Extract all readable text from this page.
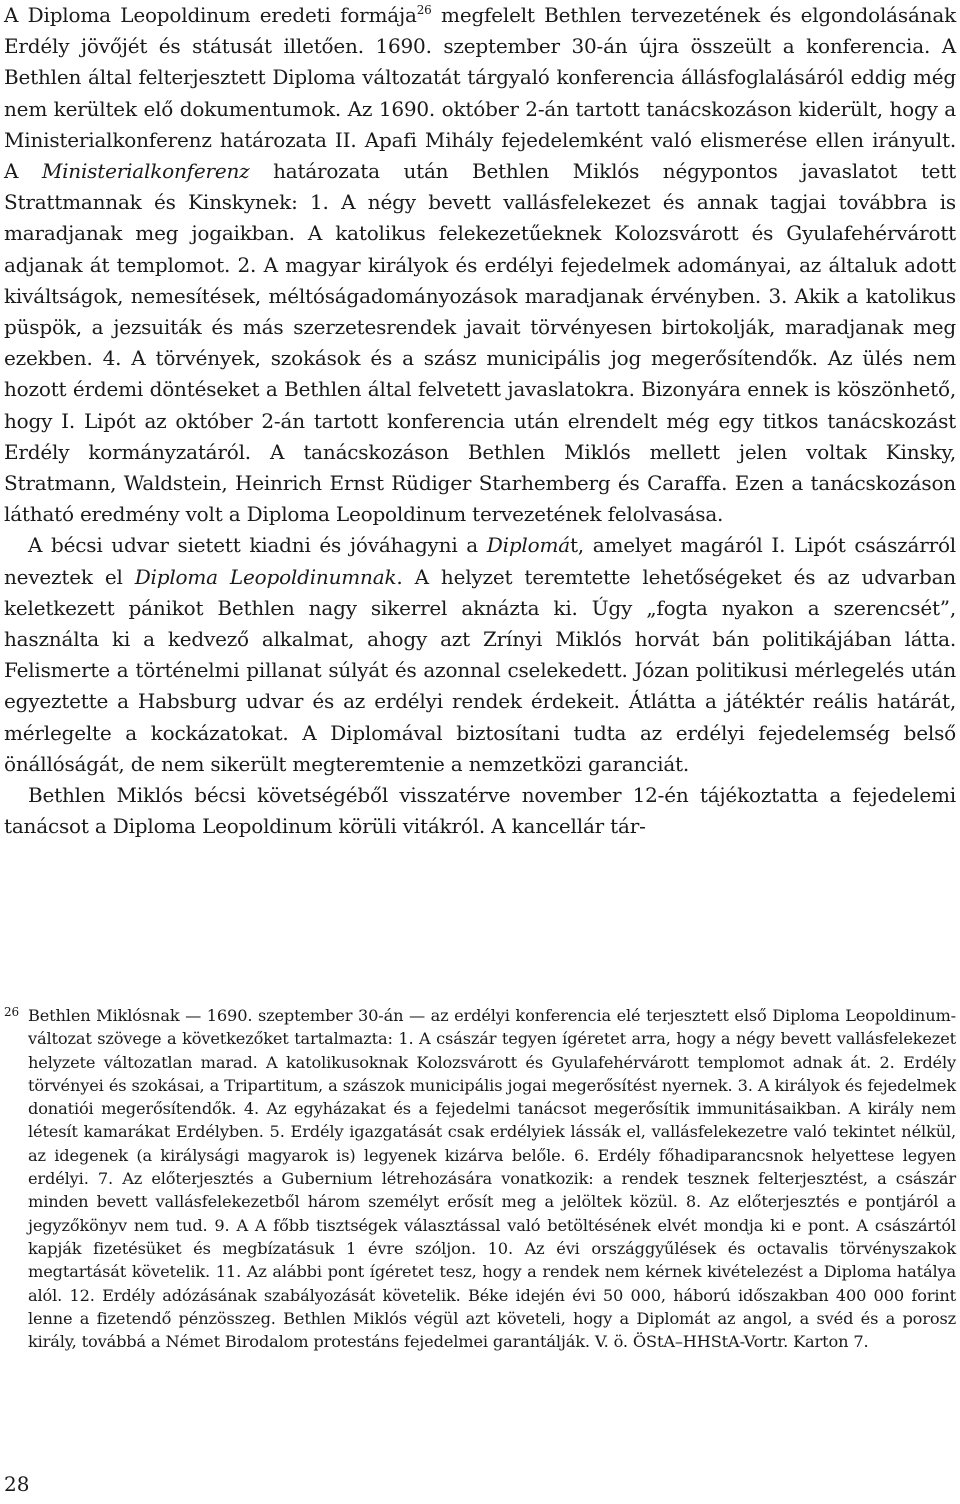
A Diploma Leopoldinum eredeti formája$^{26}$ megfelelt Bethlen tervezetének és elgondolásának Erdély jövőjét és státusát illetően. 1690. szeptember 30-án újra összeült a konferencia. A Bethlen által felterjesztett Diploma változatát tárgyaló konferencia állásfoglalásáról eddig még nem kerültek elő dokumentumok. Az 1690. október 2-án tartott tanácskozáson kiderült, hogy a Ministerialkonferenz határozata II. Apafi Mihály fejedelemként való elismerése ellen irányult. A Ministerialkonferenz határozata után Bethlen Miklós négypontos javaslatot tett Strattmannak és Kinskynek: 1. A négy bevett vallásfelekezet és annak tagjai továbbra is maradjanak meg jogaikban. A katolikus felekezetűeknek Kolozsvárott és Gyulafehérvárott adjanak át templomot. 2. A magyar királyok és erdélyi fejedelmek adományai, az általuk adott kiváltságok, nemesítések, méltóságadományozások maradjanak érvényben. 3. Akik a katolikus püspök, a jezsuiták és más szerzetesrendek javait törvényesen birtokolják, maradjanak meg ezekben. 4. A törvények, szokások és a szász municipális jog megerősítendők. Az ülés nem hozott érdemi döntéseket a Bethlen által felvetett javaslatokra. Bizonyára ennek is köszönhető, hogy I. Lipót az október 2-án tartott konferencia után elrendelt még egy titkos tanácskozást Erdély kormányzatáról. A tanácskozáson Bethlen Miklós mellett jelen voltak Kinsky, Stratmann, Waldstein, Heinrich Ernst Rüdiger Starhemberg és Caraffa. Ezen a tanácskozáson látható eredmény volt a Diploma Leopoldinum tervezetének felolvasása.

A bécsi udvar sietett kiadni és jóváhagyni a Diplomát, amelyet magáról I. Lipót császárról neveztek el Diploma Leopoldinumnak. A helyzet teremtette lehetőségeket és az udvarban keletkezett pánikot Bethlen nagy sikerrel aknázta ki. Úgy „fogta nyakon a szerencsét”, használta ki a kedvező alkalmat, ahogy azt Zrínyi Miklós horvát bán politikájában látta. Felismerte a történelmi pillanat súlyát és azonnal cselekedett. Józan politikusi mérlegelés után egyeztette a Habsburg udvar és az erdélyi rendek érdekeit. Átlátta a játéktér reális határát, mérlegelte a kockázatokat. A Diplomával biztosítani tudta az erdélyi fejedelemség belső önállóságát, de nem sikerült megteremtenie a nemzetközi garanciát.

Bethlen Miklós bécsi követségéből visszatérve november 12-én tájékoztatta a fejedelemi tanácsot a Diploma Leopoldinum körüli vitákról. A kancellár tár-

26 Bethlen Miklósnak — 1690. szeptember 30-án — az erdélyi konferencia elé terjesztett első Diploma Leopoldinum-változat szövege a következőket tartalmazta: 1. A császár tegyen ígéretet arra, hogy a négy bevett vallásfelekezet helyzete változatlan marad. A katolikusoknak Kolozsvárott és Gyulafehérvárott templomot adnak át. 2. Erdély törvényei és szokásai, a Tripartitum, a szászok municipális jogai megerősítést nyernek. 3. A királyok és fejedelmek donatiói megerősítendők. 4. Az egyházakat és a fejedelmi tanácsot megerősítik immunitásaikban. A király nem létesít kamarákat Erdélyben. 5. Erdély igazgatását csak erdélyiek lássák el, vallásfelekezetre való tekintet nélkül, az idegenek (a királysági magyarok is) legyenek kizárva belőle. 6. Erdély főhadiparancsnok helyettese legyen erdélyi. 7. Az előterjesztés a Gubernium létrehozására vonatkozik: a rendek tesznek felterjesztést, a császár minden bevett vallásfelekezetből három személyt erősít meg a jelöltek közül. 8. Az előterjesztés e pontjáról a jegyzőkönyv nem tud. 9. A A főbb tisztségek választással való betöltésének elvét mondja ki e pont. A császártól kapják fizetésüket és megbízatásuk 1 évre szóljon. 10. Az évi országgyűlések és octavalis törvényszakok megtartását követelik. 11. Az alábbi pont ígéretet tesz, hogy a rendek nem kérnek kivételezést a Diploma hatálya alól. 12. Erdély adózásának szabályozását követelik. Béke idején évi 50 000, háború időszakban 400 000 forint lenne a fizetendő pénzösszeg. Bethlen Miklós végül azt követeli, hogy a Diplomát az angol, a svéd és a porosz király, továbbá a Német Birodalom protestáns fejedelmei garantálják. V. ö. ÖStA–HHStA-Vortr. Karton 7.

28
